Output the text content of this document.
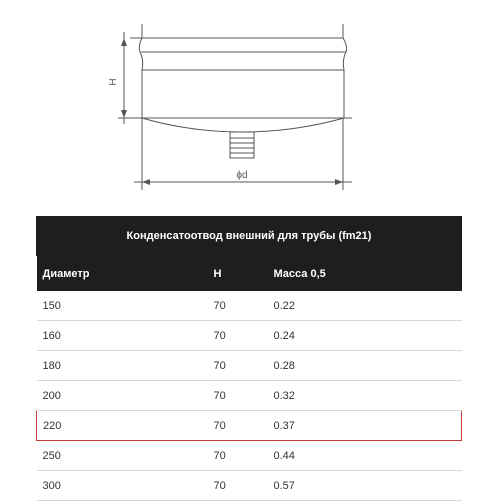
H
ϕd
Конденсатоотвод внешний для трубы (fm21)
Диаметр	H	Масса 0,5
150	70	0.22
160	70	0.24
180	70	0.28
200	70	0.32
220	70	0.37
250	70	0.44
300	70	0.57
